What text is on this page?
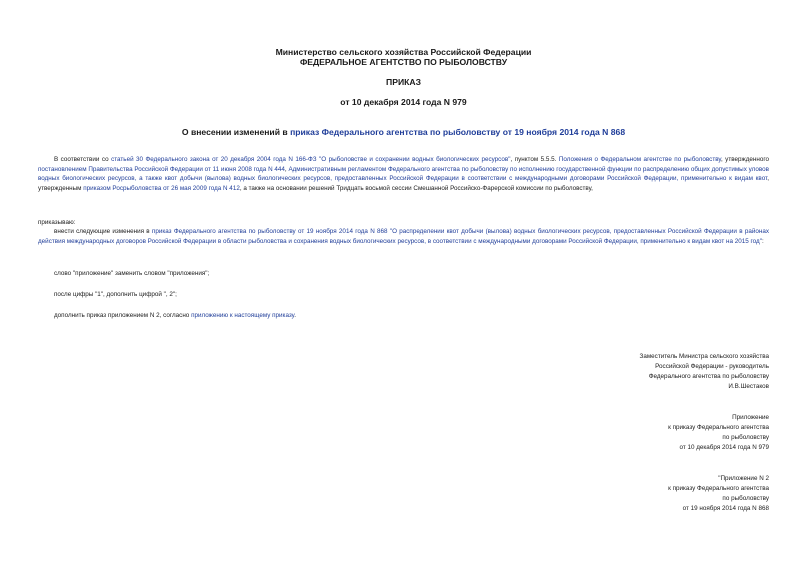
Министерство сельского хозяйства Российской Федерации
ФЕДЕРАЛЬНОЕ АГЕНТСТВО ПО РЫБОЛОВСТВУ
ПРИКАЗ
от 10 декабря 2014 года N 979
О внесении изменений в приказ Федерального агентства по рыболовству от 19 ноября 2014 года N 868
В соответствии со статьей 30 Федерального закона от 20 декабря 2004 года N 166-ФЗ "О рыболовстве и сохранении водных биологических ресурсов", пунктом 5.5.5. Положения о Федеральном агентстве по рыболовству, утвержденного постановлением Правительства Российской Федерации от 11 июня 2008 года N 444, Административным регламентом Федерального агентства по рыболовству по исполнению государственной функции по распределению общих допустимых уловов водных биологических ресурсов, а также квот добычи (вылова) водных биологических ресурсов, предоставленных Российской Федерации в соответствии с международными договорами Российской Федерации, применительно к видам квот, утвержденным приказом Росрыболовства от 26 мая 2009 года N 412, а также на основании решений Тридцать восьмой сессии Смешанной Российско-Фарерской комиссии по рыболовству,
приказываю:
внести следующие изменения в приказ Федерального агентства по рыболовству от 19 ноября 2014 года N 868 "О распределении квот добычи (вылова) водных биологических ресурсов, предоставленных Российской Федерации в районах действия международных договоров Российской Федерации в области рыболовства и сохранения водных биологических ресурсов, в соответствии с международными договорами Российской Федерации, применительно к видам квот на 2015 год":
слово "приложение" заменить словом "приложения";
после цифры "1", дополнить цифрой ", 2";
дополнить приказ приложением N 2, согласно приложению к настоящему приказу.
Заместитель Министра сельского хозяйства
Российской Федерации - руководитель
Федерального агентства по рыболовству
И.В.Шестаков
Приложение
к приказу Федерального агентства
по рыболовству
от 10 декабря 2014 года N 979
"Приложение N 2
к приказу Федерального агентства
по рыболовству
от 19 ноября 2014 года N 868
